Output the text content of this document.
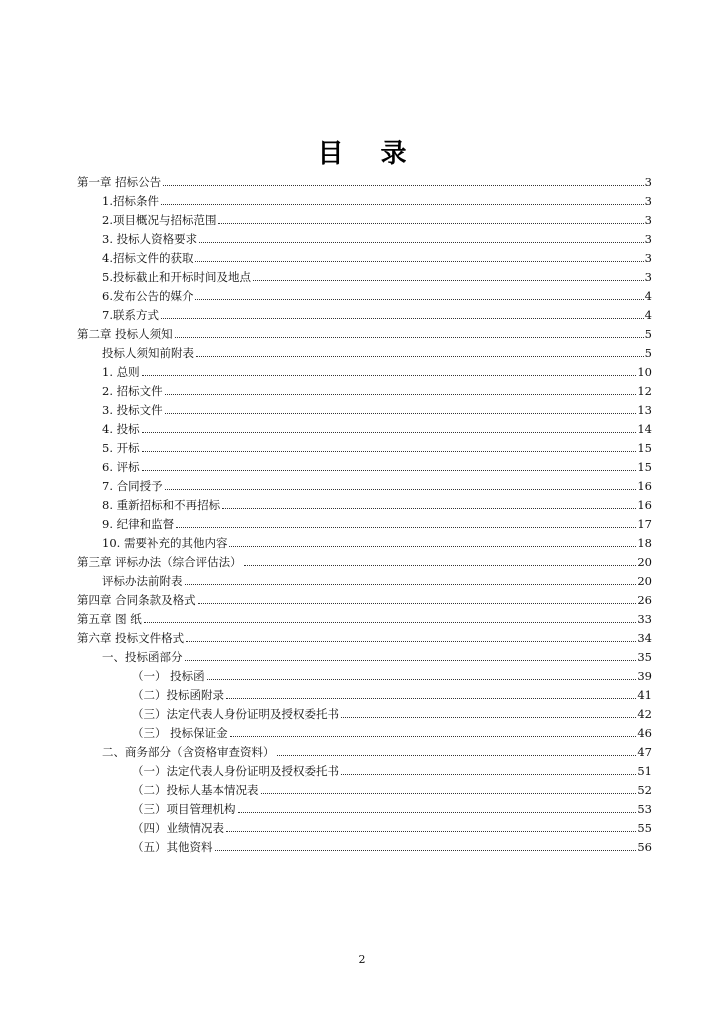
目 录
第一章 招标公告	3
1.招标条件	3
2.项目概况与招标范围	3
3. 投标人资格要求	3
4.招标文件的获取	3
5.投标截止和开标时间及地点	3
6.发布公告的媒介	4
7.联系方式	4
第二章 投标人须知	5
投标人须知前附表	5
1. 总则	10
2. 招标文件	12
3. 投标文件	13
4. 投标	14
5. 开标	15
6. 评标	15
7. 合同授予	16
8. 重新招标和不再招标	16
9. 纪律和监督	17
10. 需要补充的其他内容	18
第三章 评标办法（综合评估法）	20
评标办法前附表	20
第四章 合同条款及格式	26
第五章 图 纸	33
第六章 投标文件格式	34
一、投标函部分	35
（一） 投标函	39
（二）投标函附录	41
（三）法定代表人身份证明及授权委托书	42
（三） 投标保证金	46
二、商务部分（含资格审查资料）	47
（一）法定代表人身份证明及授权委托书	51
（二）投标人基本情况表	52
（三）项目管理机构	53
（四）业绩情况表	55
（五）其他资料	56
2
